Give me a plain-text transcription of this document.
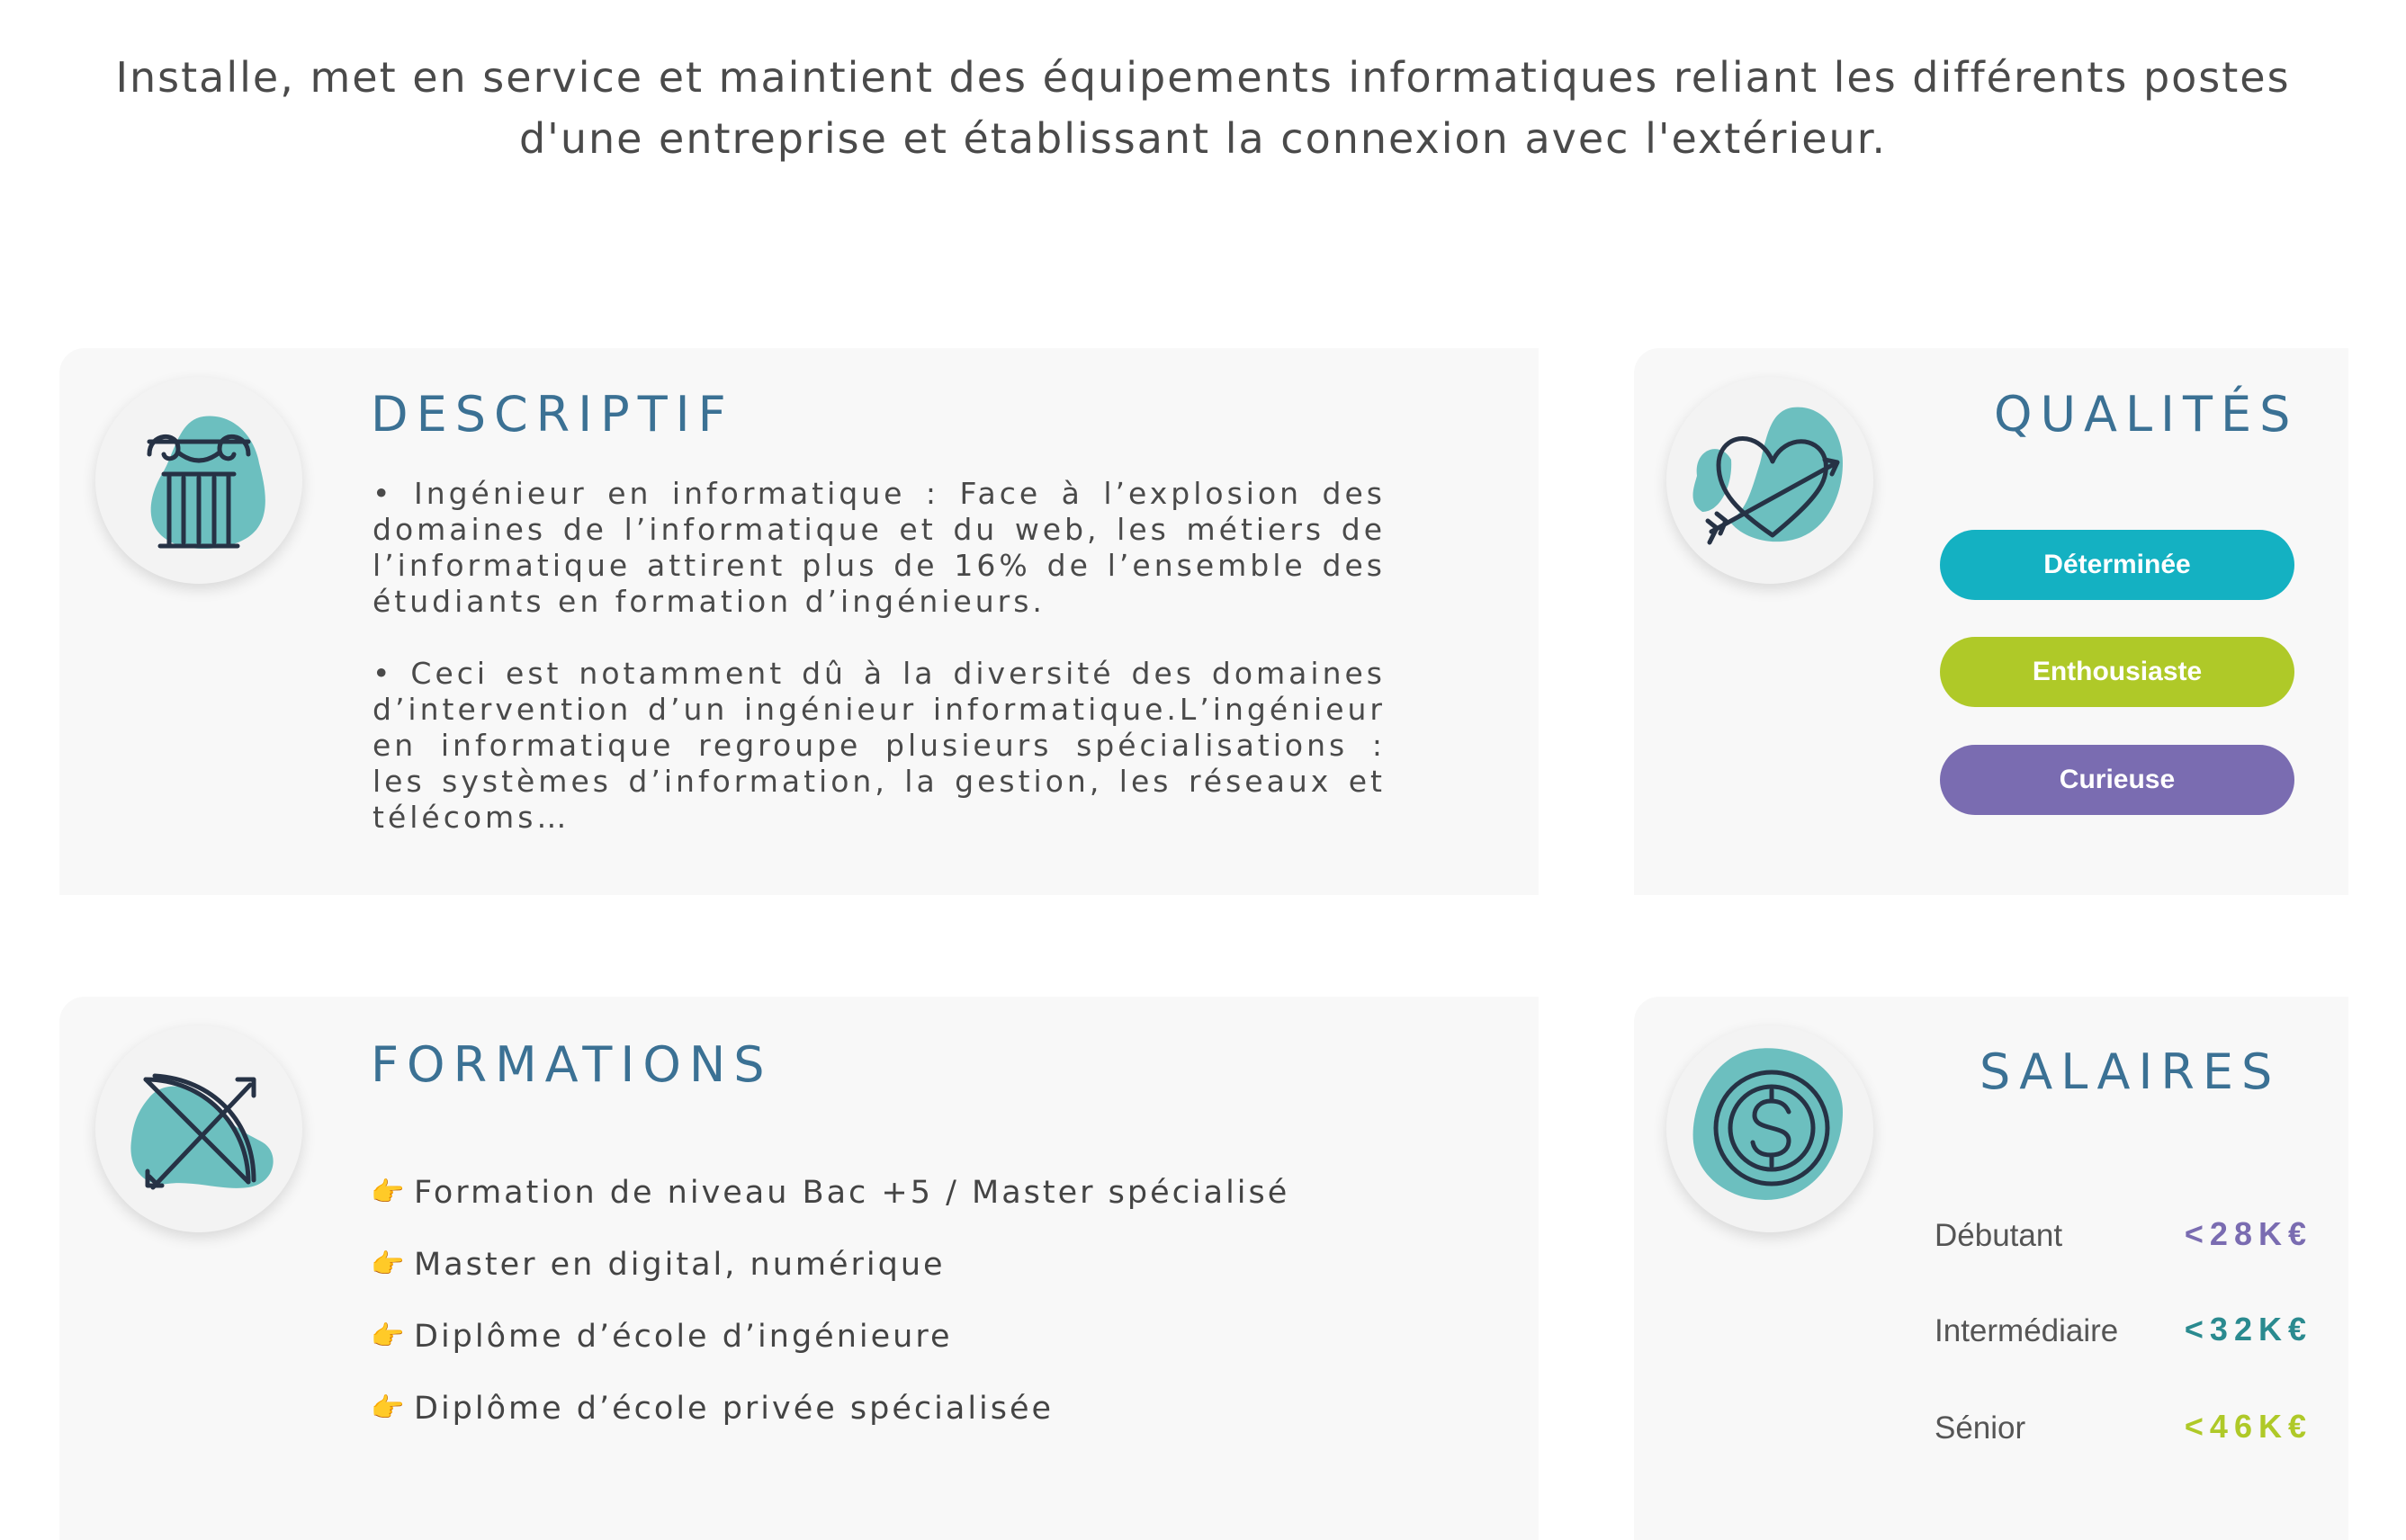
Installe, met en service et maintient des équipements informatiques reliant les différents postes d'une entreprise et établissant la connexion avec l'extérieur.
DESCRIPTIF

• Ingénieur en informatique : Face à l’explosion des domaines de l’informatique et du web, les métiers de l’informatique attirent plus de 16% de l’ensemble des étudiants en formation d’ingénieurs.

• Ceci est notamment dû à la diversité des domaines d’intervention d’un ingénieur informatique.L’ingénieur en informatique regroupe plusieurs spécialisations : les systèmes d’information, la gestion, les réseaux et télécoms…

QUALITÉS
Déterminée
Enthousiaste
Curieuse
FORMATIONS
👉 Formation de niveau Bac +5 / Master spécialisé
👉 Master en digital, numérique
👉 Diplôme d’école d’ingénieure
👉 Diplôme d’école privée spécialisée
SALAIRES
Débutant	<28K€
Intermédiaire <32K€
Sénior	<46K€
